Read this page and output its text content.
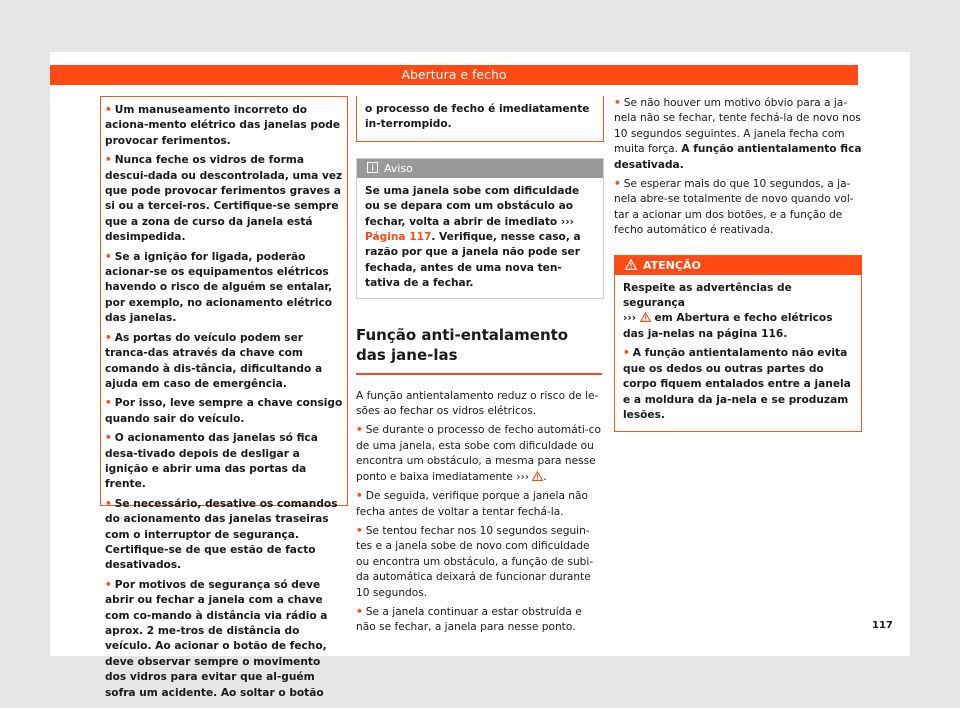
Abertura e fecho

• Um manuseamento incorreto do aciona-mento elétrico das janelas pode provocar ferimentos.

• Nunca feche os vidros de forma descui-dada ou descontrolada, uma vez que pode provocar ferimentos graves a si ou a tercei-ros. Certifique-se sempre que a zona de curso da janela está desimpedida.

• Se a ignição for ligada, poderão acionar-se os equipamentos elétricos havendo o risco de alguém se entalar, por exemplo, no acionamento elétrico das janelas.

• As portas do veículo podem ser tranca-das através da chave com comando à dis-tância, dificultando a ajuda em caso de emergência.

• Por isso, leve sempre a chave consigo quando sair do veículo.

• O acionamento das janelas só fica desa-tivado depois de desligar a ignição e abrir uma das portas da frente.

• Se necessário, desative os comandos do acionamento das janelas traseiras com o interruptor de segurança. Certifique-se de que estão de facto desativados.

• Por motivos de segurança só deve abrir ou fechar a janela com a chave com co-mando à distância via rádio a aprox. 2 me-tros de distância do veículo. Ao acionar o botão de fecho, deve observar sempre o movimento dos vidros para evitar que al-guém sofra um acidente. Ao soltar o botão

o processo de fecho é imediatamente in-terrompido.
Aviso
Se uma janela sobe com dificuldade ou se depara com um obstáculo ao fechar, volta a abrir de imediato ››› Página 117. Verifique, nesse caso, a razão por que a janela não pode ser fechada, antes de uma nova ten-tativa de a fechar.
Função anti-entalamento das jane-las

A função antientalamento reduz o risco de le-sões ao fechar os vidros elétricos.

• Se durante o processo de fecho automáti-co de uma janela, esta sobe com dificuldade ou encontra um obstáculo, a mesma para nesse ponto e baixa imediatamente ››› .

• De seguida, verifique porque a janela não fecha antes de voltar a tentar fechá-la.

• Se tentou fechar nos 10 segundos seguin-tes e a janela sobe de novo com dificuldade ou encontra um obstáculo, a função de subi-da automática deixará de funcionar durante 10 segundos.

• Se a janela continuar a estar obstruída e não se fechar, a janela para nesse ponto.

• Se não houver um motivo óbvio para a ja-nela não se fechar, tente fechá-la de novo nos 10 segundos seguintes. A janela fecha com muita força. A função antientalamento fica desativada.

• Se esperar mais do que 10 segundos, a ja-nela abre-se totalmente de novo quando vol-tar a acionar um dos botões, e a função de fecho automático é reativada.

ATENÇÃO

Respeite as advertências de segurança

›››  em Abertura e fecho elétricos das ja-nelas na página 116.

• A função antientalamento não evita que os dedos ou outras partes do corpo fiquem entalados entre a janela e a moldura da ja-nela e se produzam lesões.

117
